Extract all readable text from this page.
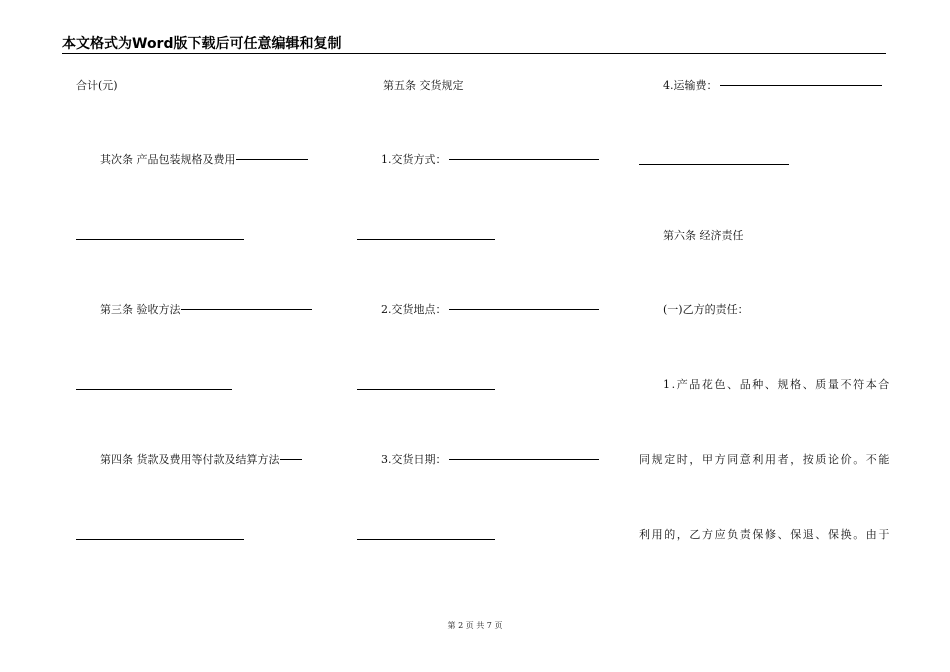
本文格式为Word版下载后可任意编辑和复制
合计(元)
其次条 产品包装规格及费用
第三条 验收方法
第四条 货款及费用等付款及结算方法
第五条 交货规定
1.交货方式：
2.交货地点：
3.交货日期：
4.运输费：
第六条 经济责任
(一)乙方的责任：
1.产品花色、品种、规格、质量不符本合
同规定时，甲方同意利用者，按质论价。不能
利用的，乙方应负责保修、保退、保换。由于
第 2 页 共 7 页
